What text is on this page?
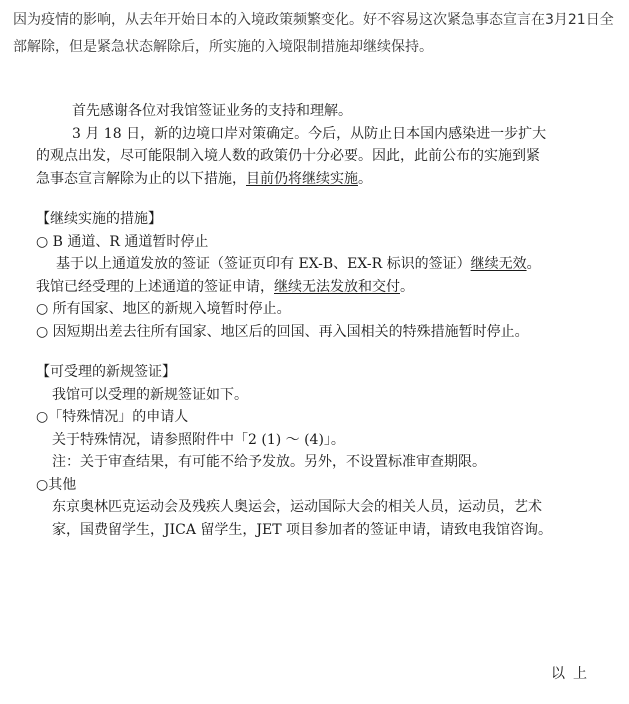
因为疫情的影响，从去年开始日本的入境政策频繁变化。好不容易这次紧急事态宣言在3月21日全部解除，但是紧急状态解除后，所实施的入境限制措施却继续保持。

首先感谢各位对我馆签证业务的支持和理解。

3 月 18 日，新的边境口岸对策确定。今后，从防止日本国内感染进一步扩大

的观点出发，尽可能限制入境人数的政策仍十分必要。因此，此前公布的实施到紧

急事态宣言解除为止的以下措施，目前仍将继续实施。

【继续实施的措施】

○ B 通道、R 通道暂时停止

基于以上通道发放的签证（签证页印有 EX-B、EX-R 标识的签证）继续无效。

我馆已经受理的上述通道的签证申请，继续无法发放和交付。

○ 所有国家、地区的新规入境暂时停止。

○ 因短期出差去往所有国家、地区后的回国、再入国相关的特殊措施暂时停止。

【可受理的新规签证】

我馆可以受理的新规签证如下。

○「特殊情况」的申请人

关于特殊情况，请参照附件中「2 (1) ～ (4)」。

注：关于审查结果，有可能不给予发放。另外，不设置标准审查期限。

○其他

东京奥林匹克运动会及残疾人奥运会，运动国际大会的相关人员，运动员，艺术

家，国费留学生，JICA 留学生，JET 项目参加者的签证申请，请致电我馆咨询。

以上
